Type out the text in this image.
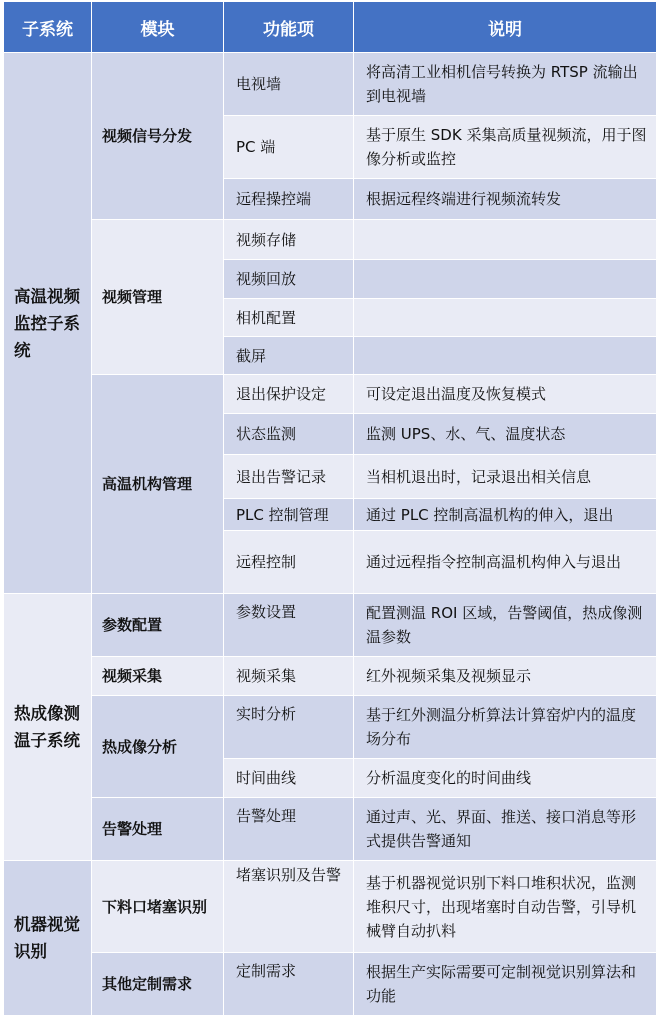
子系统	模块	功能项	说明
高温视频监控子系统	视频信号分发	电视墙	将高清工业相机信号转换为 RTSP 流输出到电视墙
		PC 端	基于原生 SDK 采集高质量视频流，用于图像分析或监控
		远程操控端	根据远程终端进行视频流转发
	视频管理	视频存储	
		视频回放	
		相机配置	
		截屏	
	高温机构管理	退出保护设定	可设定退出温度及恢复模式
		状态监测	监测 UPS、水、气、温度状态
		退出告警记录	当相机退出时，记录退出相关信息
		PLC 控制管理	通过 PLC 控制高温机构的伸入，退出
		远程控制	通过远程指令控制高温机构伸入与退出
热成像测温子系统	参数配置	参数设置	配置测温 ROI 区域，告警阈值，热成像测温参数
	视频采集	视频采集	红外视频采集及视频显示
	热成像分析	实时分析	基于红外测温分析算法计算窑炉内的温度场分布
		时间曲线	分析温度变化的时间曲线
	告警处理	告警处理	通过声、光、界面、推送、接口消息等形式提供告警通知
机器视觉识别	下料口堵塞识别	堵塞识别及告警	基于机器视觉识别下料口堆积状况，监测堆积尺寸，出现堵塞时自动告警，引导机械臂自动扒料
	其他定制需求	定制需求	根据生产实际需要可定制视觉识别算法和功能
